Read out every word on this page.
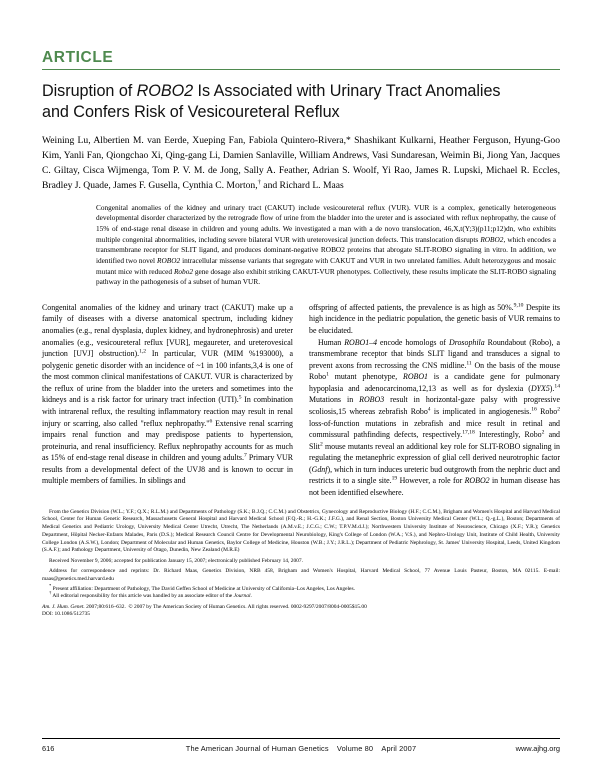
ARTICLE
Disruption of ROBO2 Is Associated with Urinary Tract Anomalies
and Confers Risk of Vesicoureteral Reflux
Weining Lu, Albertien M. van Eerde, Xueping Fan, Fabiola Quintero-Rivera,* Shashikant Kulkarni, Heather Ferguson, Hyung-Goo Kim, Yanli Fan, Qiongchao Xi, Qing-gang Li, Damien Sanlaville, William Andrews, Vasi Sundaresan, Weimin Bi, Jiong Yan, Jacques C. Giltay, Cisca Wijmenga, Tom P. V. M. de Jong, Sally A. Feather, Adrian S. Woolf, Yi Rao, James R. Lupski, Michael R. Eccles, Bradley J. Quade, James F. Gusella, Cynthia C. Morton,† and Richard L. Maas
Congenital anomalies of the kidney and urinary tract (CAKUT) include vesicoureteral reflux (VUR). VUR is a complex, genetically heterogeneous developmental disorder characterized by the retrograde flow of urine from the bladder into the ureter and is associated with reflux nephropathy, the cause of 15% of end-stage renal disease in children and young adults. We investigated a man with a de novo translocation, 46,X,t(Y;3)(p11;p12)dn, who exhibits multiple congenital abnormalities, including severe bilateral VUR with ureterovesical junction defects. This translocation disrupts ROBO2, which encodes a transmembrane receptor for SLIT ligand, and produces dominant-negative ROBO2 proteins that abrogate SLIT-ROBO signaling in vitro. In addition, we identified two novel ROBO2 intracellular missense variants that segregate with CAKUT and VUR in two unrelated families. Adult heterozygous and mosaic mutant mice with reduced Robo2 gene dosage also exhibit striking CAKUT-VUR phenotypes. Collectively, these results implicate the SLIT-ROBO signaling pathway in the pathogenesis of a subset of human VUR.

Congenital anomalies of the kidney and urinary tract (CAKUT) make up a family of diseases with a diverse anatomical spectrum, including kidney anomalies (e.g., renal dysplasia, duplex kidney, and hydronephrosis) and ureter anomalies (e.g., vesicoureteral reflux [VUR], megaureter, and ureterovesical junction [UVJ] obstruction).$^{1,2}$ In particular, VUR (MIM %193000), a polygenic genetic disorder with an incidence of ~1 in 100 infants,3,4 is one of the most common clinical manifestations of CAKUT. VUR is characterized by the reflux of urine from the bladder into the ureters and sometimes into the kidneys and is a risk factor for urinary tract infection (UTI).$^5$ In combination with intrarenal reflux, the resulting inflammatory reaction may result in renal injury or scarring, also called "reflux nephropathy."$^6$ Extensive renal scarring impairs renal function and may predispose patients to hypertension, proteinuria, and renal insufficiency. Reflux nephropathy accounts for as much as 15% of end-stage renal disease in children and young adults.$^7$ Primary VUR results from a developmental defect of the UVJ8 and is known to occur in multiple members of families. In siblings and

offspring of affected patients, the prevalence is as high as 50%.$^{9,10}$ Despite its high incidence in the pediatric population, the genetic basis of VUR remains to be elucidated.

Human ROBO1–4 encode homologs of Drosophila Roundabout (Robo), a transmembrane receptor that binds SLIT ligand and transduces a signal to prevent axons from recrossing the CNS midline.$^{11}$ On the basis of the mouse Robo$^1$ mutant phenotype, ROBO1 is a candidate gene for pulmonary hypoplasia and adenocarcinoma,12,13 as well as for dyslexia (DYX5).$^{14}$ Mutations in ROBO3 result in horizontal-gaze palsy with progressive scoliosis,15 whereas zebrafish Robo$^4$ is implicated in angiogenesis.$^{16}$ Robo$^2$ loss-of-function mutations in zebrafish and mice result in retinal and commissural pathfinding defects, respectively.$^{17,18}$ Interestingly, Robo$^2$ and Slit$^2$ mouse mutants reveal an additional key role for SLIT-ROBO signaling in regulating the metanephric expression of glial cell derived neurotrophic factor (Gdnf), which in turn induces ureteric bud outgrowth from the nephric duct and restricts it to a single site.$^{19}$ However, a role for ROBO2 in human disease has not been identified elsewhere.

From the Genetics Division (W.L.; Y.F.; Q.X.; R.L.M.) and Departments of Pathology (S.K.; B.J.Q.; C.C.M.) and Obstetrics, Gynecology and Reproductive Biology (H.F.; C.C.M.), Brigham and Women's Hospital and Harvard Medical School, Center for Human Genetic Research, Massachusetts General Hospital and Harvard Medical School (F.Q.-R.; H.-G.K.; J.F.G.), and Renal Section, Boston University Medical Center (W.L.; Q.-g.L.), Boston; Departments of Medical Genetics and Pediatric Urology, University Medical Center Utrecht, Utrecht, The Netherlands (A.M.v.E.; J.C.G.; C.W.; T.P.V.M.d.J.); Northwestern University Institute of Neuroscience, Chicago (X.F.; Y.R.); Genetics Department, Hôpital Necker-Enfants Malades, Paris (D.S.); Medical Research Council Centre for Developmental Neurobiology, King's College of London (W.A.; V.S.), and Nephro-Urology Unit, Institute of Child Health, University College London (A.S.W.), London; Department of Molecular and Human Genetics, Baylor College of Medicine, Houston (W.B.; J.Y.; J.R.L.); Department of Pediatric Nephrology, St. James' University Hospital, Leeds, United Kingdom (S.A.F.); and Pathology Department, University of Otago, Dunedin, New Zealand (M.R.E)

Received November 9, 2006; accepted for publication January 15, 2007; electronically published February 14, 2007.

Address for correspondence and reprints: Dr. Richard Maas, Genetics Division, NRB 458, Brigham and Women's Hospital, Harvard Medical School, 77 Avenue Louis Pasteur, Boston, MA 02115. E-mail: maas@genetics.med.harvard.edu

* Present affiliation: Department of Pathology, The David Geffen School of Medicine at University of California–Los Angeles, Los Angeles.

† All editorial responsibility for this article was handled by an associate editor of the Journal.

Am. J. Hum. Genet. 2007;80:616–632. © 2007 by The American Society of Human Genetics. All rights reserved. 0002-9297/2007/8004-0005$15.00

DOI: 10.1086/512735

616	The American Journal of Human Genetics Volume 80 April 2007	www.ajhg.org
